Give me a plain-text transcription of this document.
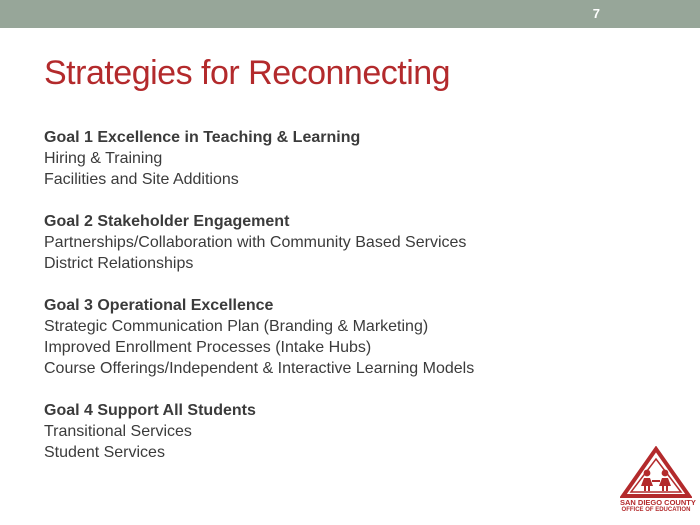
7
Strategies for Reconnecting
Goal 1 Excellence in Teaching & Learning
Hiring & Training
Facilities and Site Additions
Goal 2 Stakeholder Engagement
Partnerships/Collaboration with Community Based Services
District Relationships
Goal 3 Operational Excellence
Strategic Communication Plan (Branding & Marketing)
Improved Enrollment Processes (Intake Hubs)
Course Offerings/Independent & Interactive Learning Models
Goal 4 Support All Students
Transitional Services
Student Services
SAN DIEGO COUNTY
OFFICE OF EDUCATION
